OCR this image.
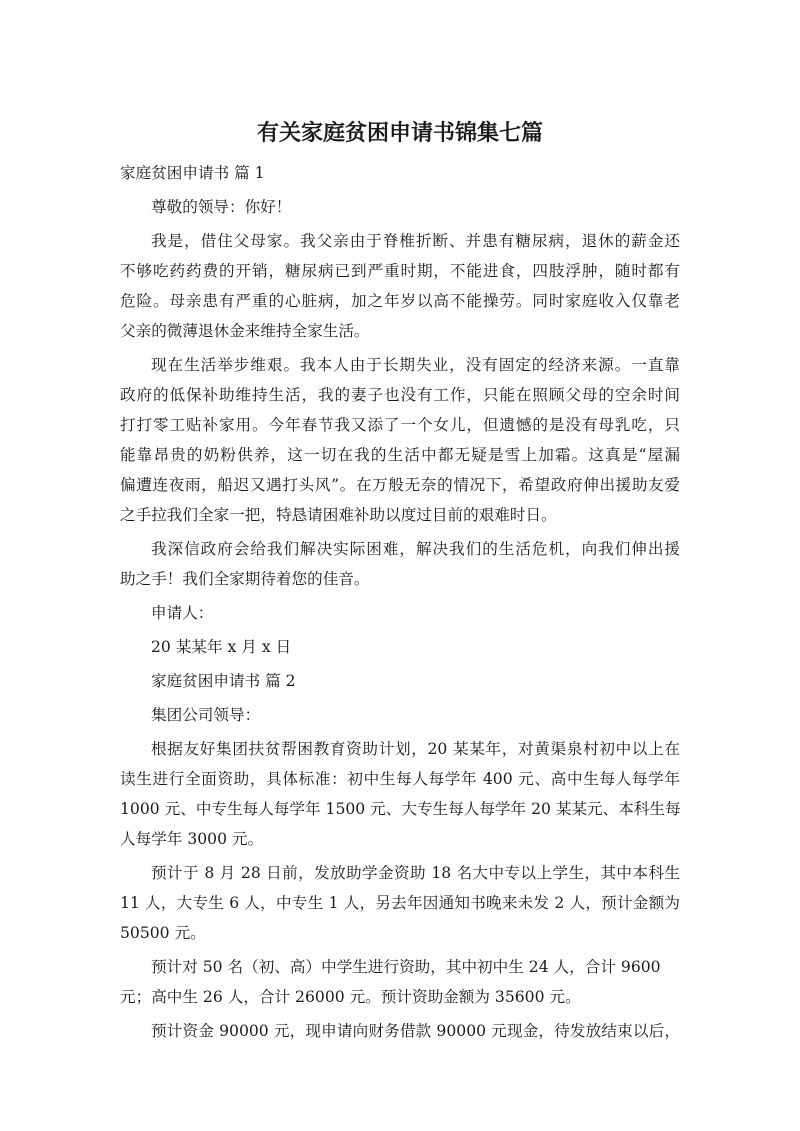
有关家庭贫困申请书锦集七篇

家庭贫困申请书 篇 1

尊敬的领导：你好！

我是，借住父母家。我父亲由于脊椎折断、并患有糖尿病，退休的薪金还

不够吃药药费的开销，糖尿病已到严重时期，不能进食，四肢浮肿，随时都有

危险。母亲患有严重的心脏病，加之年岁以高不能操劳。同时家庭收入仅靠老

父亲的微薄退休金来维持全家生活。

现在生活举步维艰。我本人由于长期失业，没有固定的经济来源。一直靠

政府的低保补助维持生活，我的妻子也没有工作，只能在照顾父母的空余时间

打打零工贴补家用。今年春节我又添了一个女儿，但遗憾的是没有母乳吃，只

能靠昂贵的奶粉供养，这一切在我的生活中都无疑是雪上加霜。这真是“屋漏

偏遭连夜雨，船迟又遇打头风”。在万般无奈的情况下，希望政府伸出援助友爱

之手拉我们全家一把，特恳请困难补助以度过目前的艰难时日。

我深信政府会给我们解决实际困难，解决我们的生活危机，向我们伸出援

助之手！我们全家期待着您的佳音。

申请人：

20 某某年 x 月 x 日

家庭贫困申请书 篇 2

集团公司领导：

根据友好集团扶贫帮困教育资助计划，20 某某年，对黄渠泉村初中以上在

读生进行全面资助，具体标准：初中生每人每学年 400 元、高中生每人每学年

1000 元、中专生每人每学年 1500 元、大专生每人每学年 20 某某元、本科生每

人每学年 3000 元。

预计于 8 月 28 日前，发放助学金资助 18 名大中专以上学生，其中本科生

11 人，大专生 6 人，中专生 1 人，另去年因通知书晚来未发 2 人，预计金额为

50500 元。

预计对 50 名（初、高）中学生进行资助，其中初中生 24 人，合计 9600

元；高中生 26 人，合计 26000 元。预计资助金额为 35600 元。

预计资金 90000 元，现申请向财务借款 90000 元现金，待发放结束以后，
